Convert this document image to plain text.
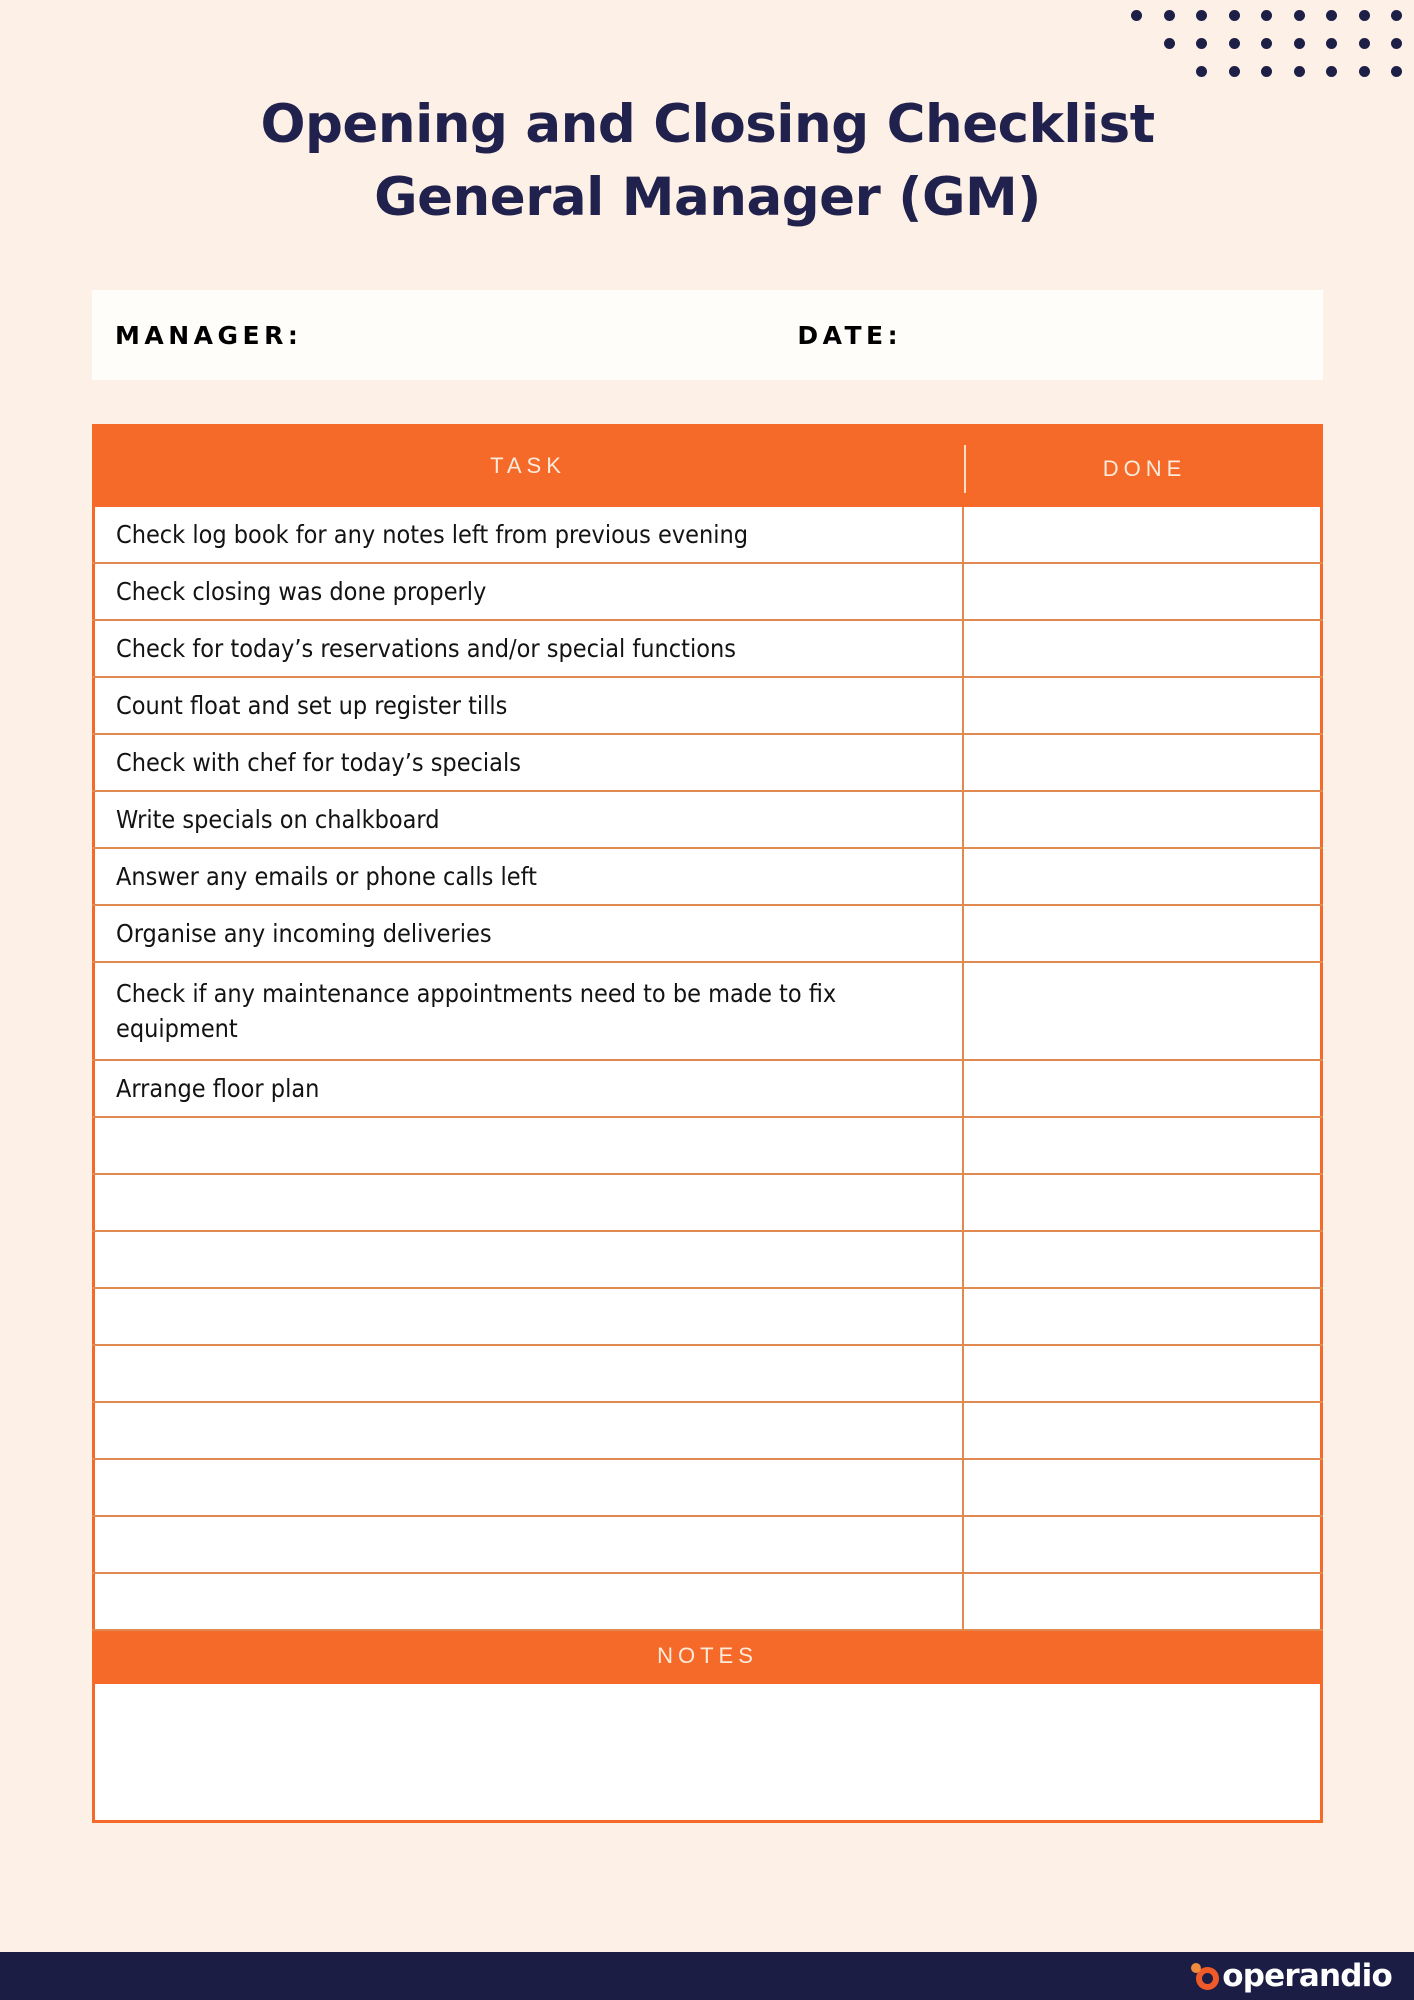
Opening and Closing Checklist
General Manager (GM)
MANAGER:	DATE:
TASK	DONE
Check log book for any notes left from previous evening
Check closing was done properly
Check for today’s reservations and/or special functions
Count float and set up register tills
Check with chef for today’s specials
Write specials on chalkboard
Answer any emails or phone calls left
Organise any incoming deliveries
Check if any maintenance appointments need to be made to fix equipment
Arrange floor plan
NOTES
operandio
